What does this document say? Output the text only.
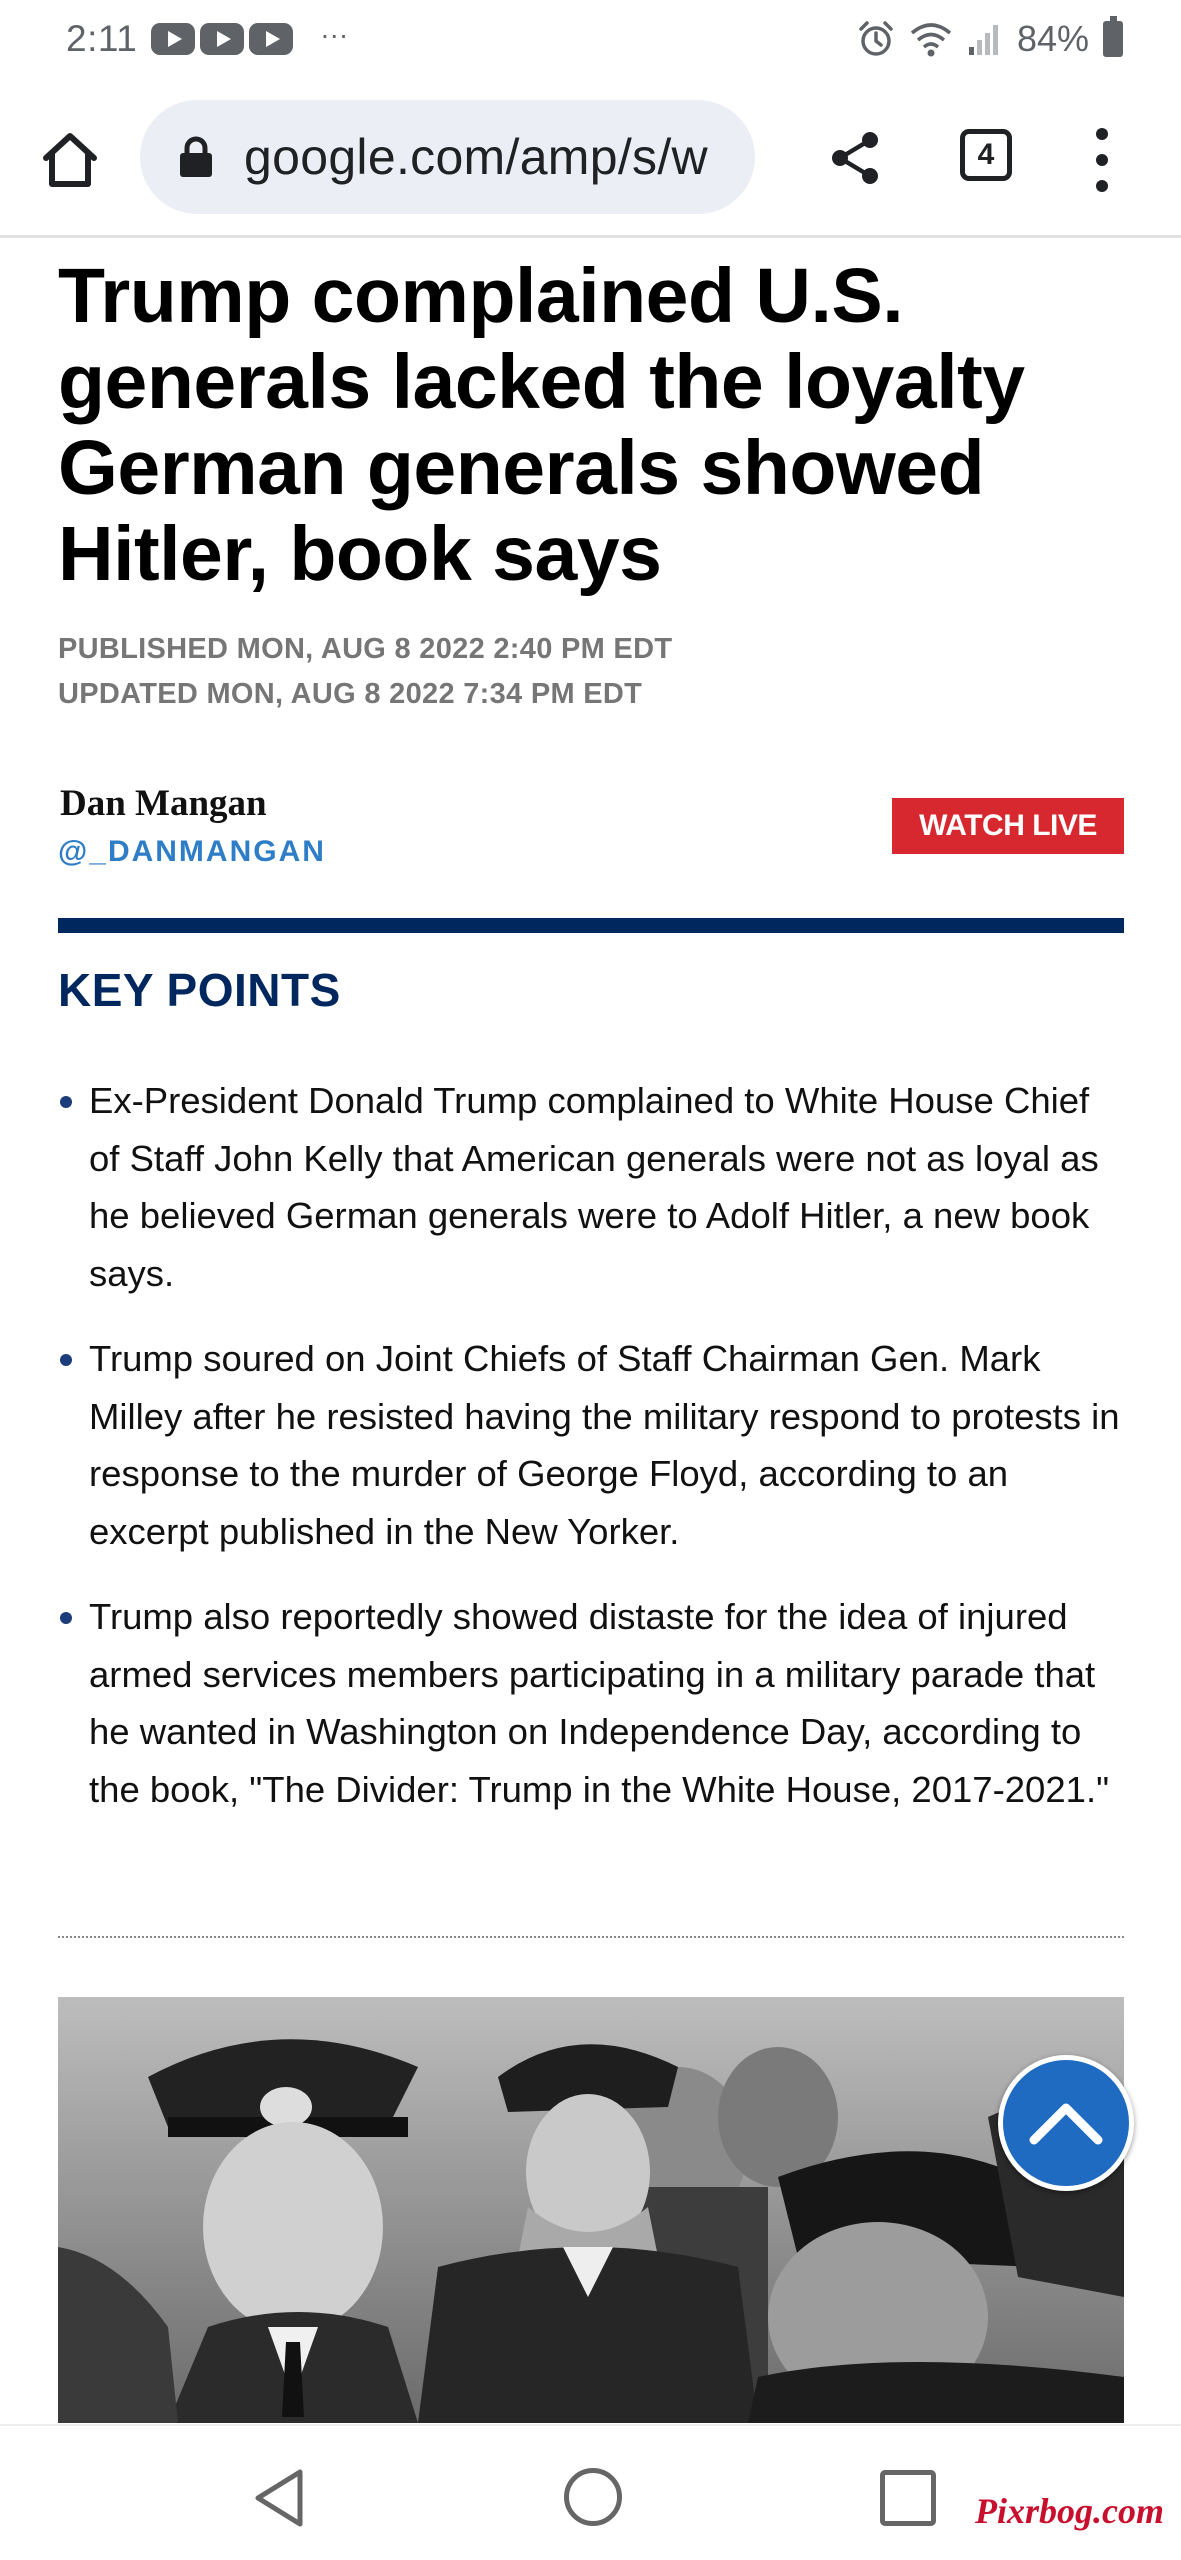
2:11	···	84%
google.com/amp/s/w	4
Trump complained U.S. generals lacked the loyalty German generals showed Hitler, book says
PUBLISHED MON, AUG 8 2022 2:40 PM EDT
UPDATED MON, AUG 8 2022 7:34 PM EDT
Dan Mangan
@_DANMANGAN
WATCH LIVE
KEY POINTS
Ex-President Donald Trump complained to White House Chief of Staff John Kelly that American generals were not as loyal as he believed German generals were to Adolf Hitler, a new book says.
Trump soured on Joint Chiefs of Staff Chairman Gen. Mark Milley after he resisted having the military respond to protests in response to the murder of George Floyd, according to an excerpt published in the New Yorker.
Trump also reportedly showed distaste for the idea of injured armed services members participating in a military parade that he wanted in Washington on Independence Day, according to the book, "The Divider: Trump in the White House, 2017-2021."
Pixrbog.com
